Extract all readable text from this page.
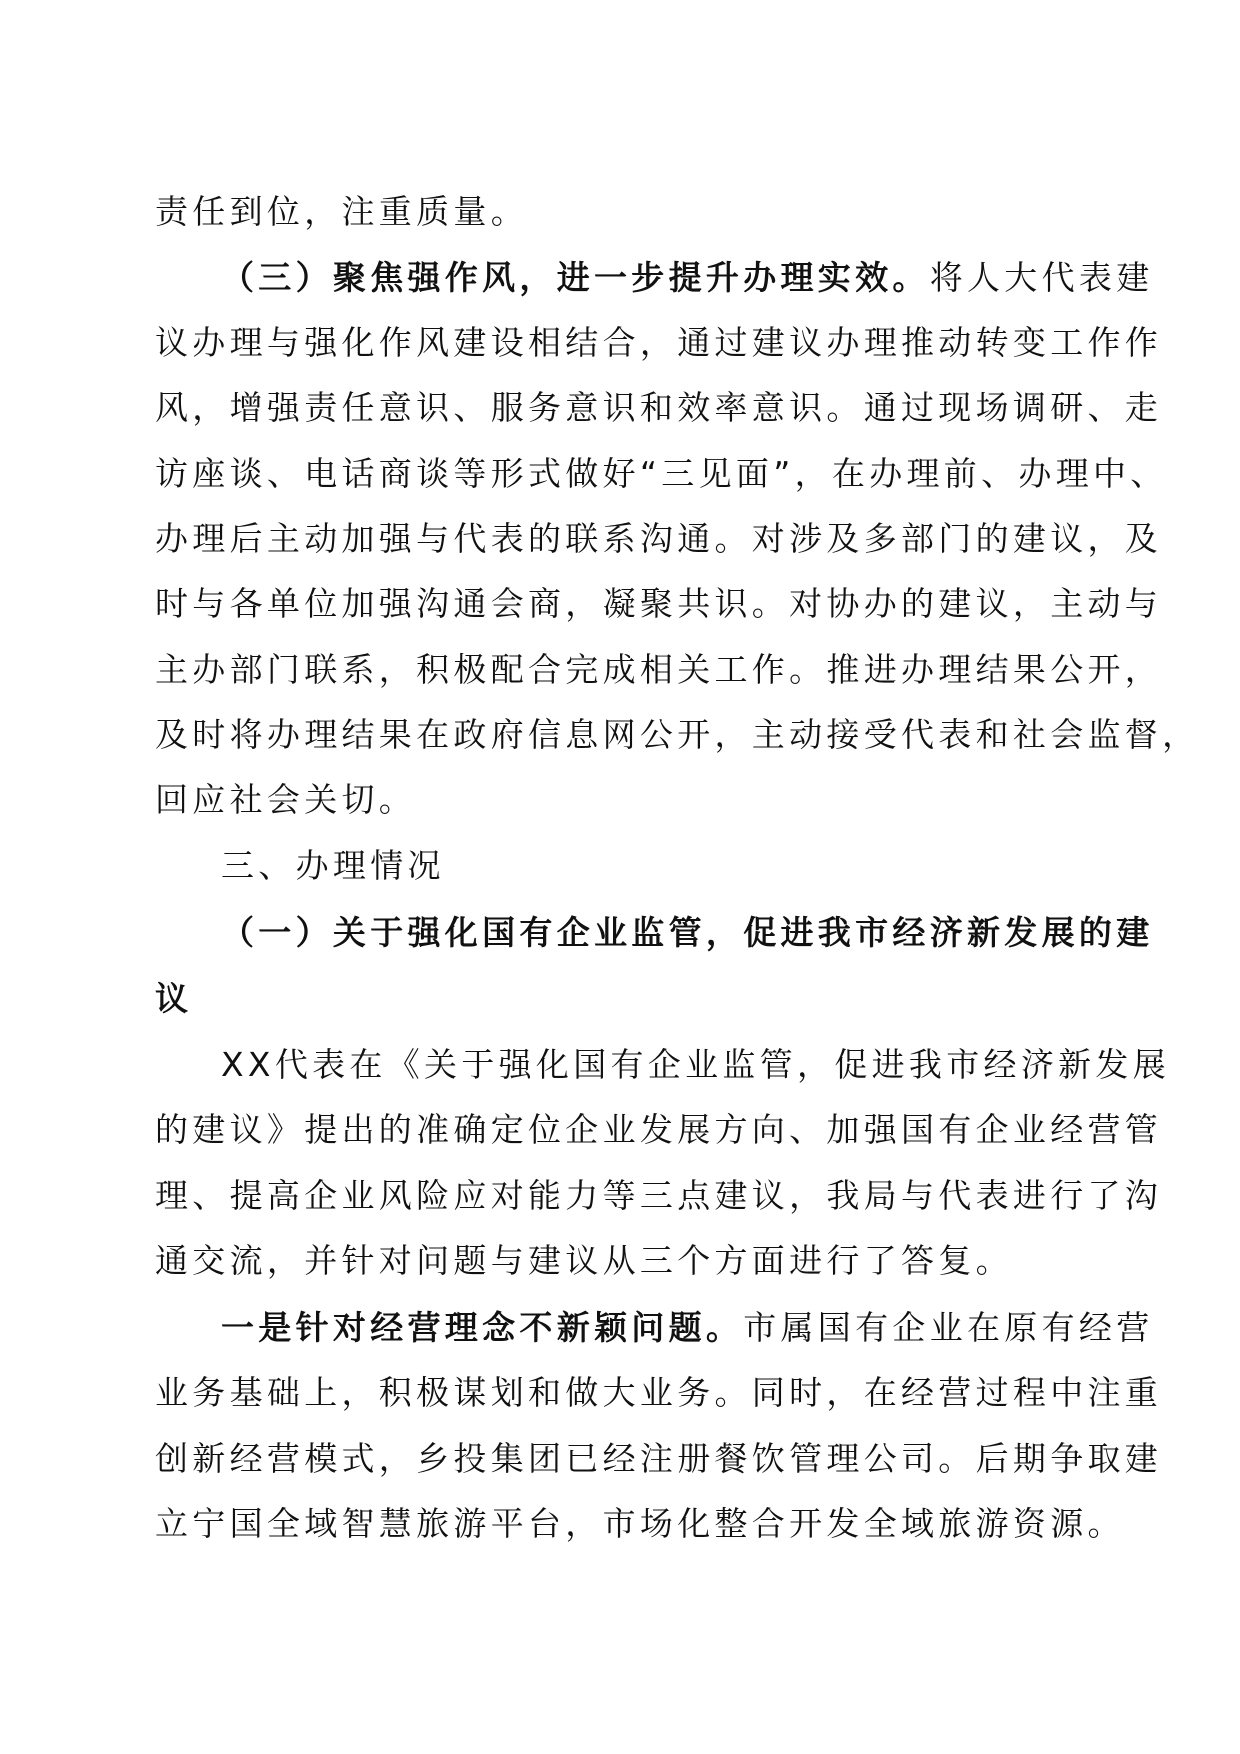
责任到位，注重质量。
（三）聚焦强作风，进一步提升办理实效。将人大代表建
议办理与强化作风建设相结合，通过建议办理推动转变工作作
风，增强责任意识、服务意识和效率意识。通过现场调研、走
访座谈、电话商谈等形式做好“三见面”，在办理前、办理中、
办理后主动加强与代表的联系沟通。对涉及多部门的建议，及
时与各单位加强沟通会商，凝聚共识。对协办的建议，主动与
主办部门联系，积极配合完成相关工作。推进办理结果公开，
及时将办理结果在政府信息网公开，主动接受代表和社会监督，
回应社会关切。
三、办理情况
（一）关于强化国有企业监管，促进我市经济新发展的建
议
XX代表在《关于强化国有企业监管，促进我市经济新发展
的建议》提出的准确定位企业发展方向、加强国有企业经营管
理、提高企业风险应对能力等三点建议，我局与代表进行了沟
通交流，并针对问题与建议从三个方面进行了答复。
一是针对经营理念不新颖问题。市属国有企业在原有经营
业务基础上，积极谋划和做大业务。同时，在经营过程中注重
创新经营模式，乡投集团已经注册餐饮管理公司。后期争取建
立宁国全域智慧旅游平台，市场化整合开发全域旅游资源。
